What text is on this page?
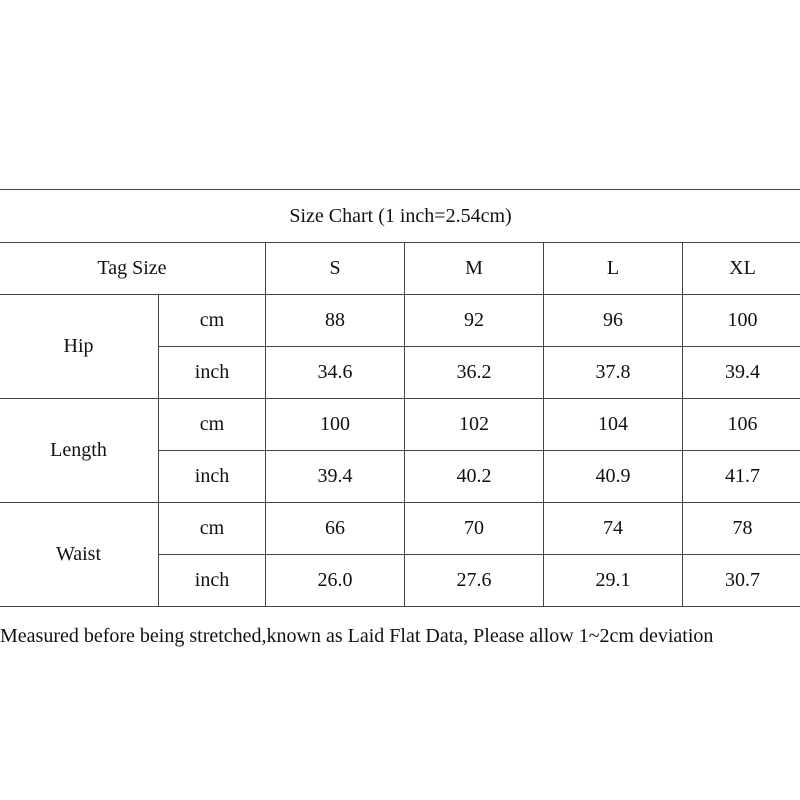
Size Chart (1 inch=2.54cm)					
Tag Size		S	M	L	XL
Hip	cm	88	92	96	100
	inch	34.6	36.2	37.8	39.4
Length	cm	100	102	104	106
	inch	39.4	40.2	40.9	41.7
Waist	cm	66	70	74	78
	inch	26.0	27.6	29.1	30.7
Measured before being stretched,known as Laid Flat Data, Please allow 1~2cm deviation
